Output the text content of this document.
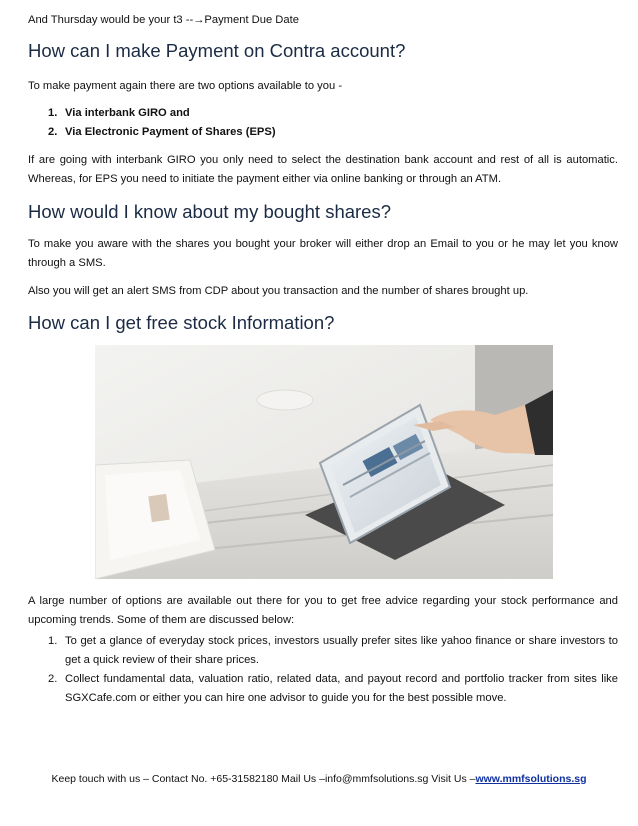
And Thursday would be your t3 --→Payment Due Date
How can I make Payment on Contra account?
To make payment again there are two options available to you -
1. Via interbank GIRO and
2. Via Electronic Payment of Shares (EPS)
If are going with interbank GIRO you only need to select the destination bank account and rest of all is automatic. Whereas, for EPS you need to initiate the payment either via online banking or through an ATM.
How would I know about my bought shares?
To make you aware with the shares you bought your broker will either drop an Email to you or he may let you know through a SMS.
Also you will get an alert SMS from CDP about you transaction and the number of shares brought up.
How can I get free stock Information?
A large number of options are available out there for you to get free advice regarding your stock performance and upcoming trends. Some of them are discussed below:
1. To get a glance of everyday stock prices, investors usually prefer sites like yahoo finance or share investors to get a quick review of their share prices.
2. Collect fundamental data, valuation ratio, related data, and payout record and portfolio tracker from sites like SGXCafe.com or either you can hire one advisor to guide you for the best possible move.
Keep touch with us – Contact No. +65-31582180 Mail Us –info@mmfsolutions.sg Visit Us –www.mmfsolutions.sg
